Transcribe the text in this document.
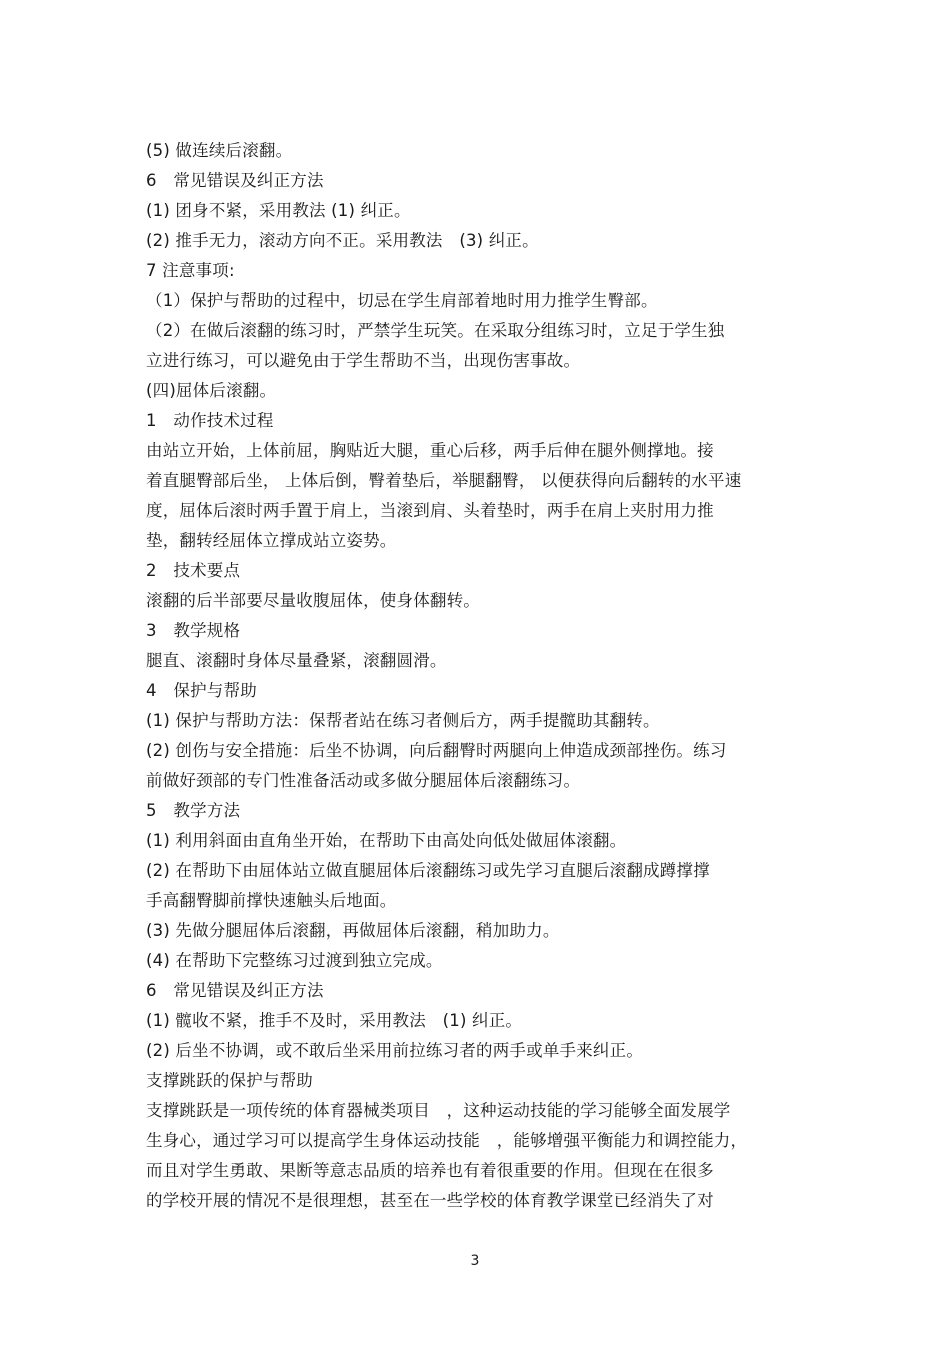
(5) 做连续后滚翻。
6　常见错误及纠正方法
(1) 团身不紧，采用教法 (1) 纠正。
(2) 推手无力，滚动方向不正。采用教法　(3) 纠正。
7 注意事项:
（1）保护与帮助的过程中，切忌在学生肩部着地时用力推学生臀部。
（2）在做后滚翻的练习时，严禁学生玩笑。在采取分组练习时，立足于学生独
立进行练习，可以避免由于学生帮助不当，出现伤害事故。
(四)屈体后滚翻。
1　动作技术过程
由站立开始，上体前屈，胸贴近大腿，重心后移，两手后伸在腿外侧撑地。接
着直腿臀部后坐， 上体后倒，臀着垫后，举腿翻臀， 以便获得向后翻转的水平速
度，屈体后滚时两手置于肩上，当滚到肩、头着垫时，两手在肩上夹肘用力推
垫，翻转经屈体立撑成站立姿势。
2　技术要点
滚翻的后半部要尽量收腹屈体，使身体翻转。
3　教学规格
腿直、滚翻时身体尽量叠紧，滚翻圆滑。
4　保护与帮助
(1) 保护与帮助方法：保帮者站在练习者侧后方，两手提髋助其翻转。
(2) 创伤与安全措施：后坐不协调，向后翻臀时两腿向上伸造成颈部挫伤。练习
前做好颈部的专门性准备活动或多做分腿屈体后滚翻练习。
5　教学方法
(1) 利用斜面由直角坐开始，在帮助下由高处向低处做屈体滚翻。
(2) 在帮助下由屈体站立做直腿屈体后滚翻练习或先学习直腿后滚翻成蹲撑撑
手高翻臀脚前撑快速触头后地面。
(3) 先做分腿屈体后滚翻，再做屈体后滚翻，稍加助力。
(4) 在帮助下完整练习过渡到独立完成。
6　常见错误及纠正方法
(1) 髋收不紧，推手不及时，采用教法　(1) 纠正。
(2) 后坐不协调，或不敢后坐采用前拉练习者的两手或单手来纠正。
支撑跳跃的保护与帮助
支撑跳跃是一项传统的体育器械类项目　，这种运动技能的学习能够全面发展学
生身心，通过学习可以提高学生身体运动技能　，能够增强平衡能力和调控能力，
而且对学生勇敢、果断等意志品质的培养也有着很重要的作用。但现在在很多
的学校开展的情况不是很理想，甚至在一些学校的体育教学课堂已经消失了对
3
